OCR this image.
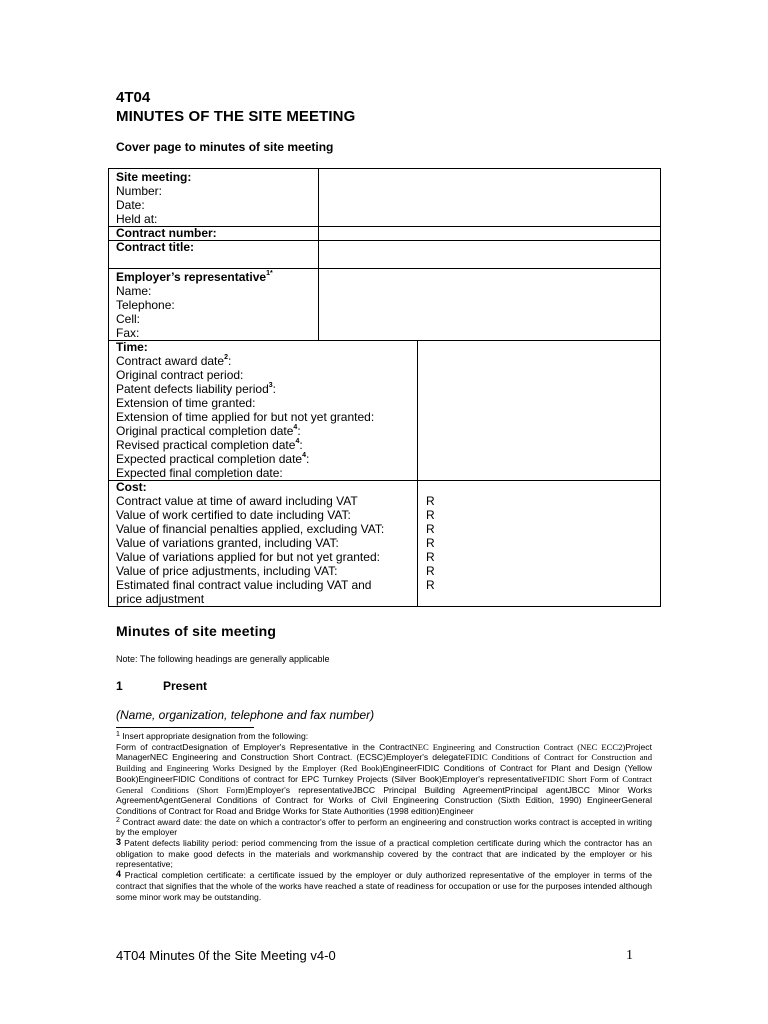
4T04
MINUTES OF THE SITE MEETING
Cover page to minutes of site meeting
Site meeting:
Number:
Date:
Held at:
Contract number:
Contract title:
Employer’s representative$^{1*}$
Name:
Telephone:
Cell:
Fax:
Time:
Contract award date$^2$:
Original contract period:
Patent defects liability period$^3$:
Extension of time granted:
Extension of time applied for but not yet granted:
Original practical completion date$^4$:
Revised practical completion date$^4$:
Expected practical completion date$^4$:
Expected final completion date:
Cost:
Contract value at time of award including VAT
Value of work certified to date including VAT:
Value of financial penalties applied, excluding VAT:
Value of variations granted, including VAT:
Value of variations applied for but not yet granted:
Value of price adjustments, including VAT:
Estimated final contract value including VAT and
price adjustment
R
R
R
R
R
R
R
Minutes of site meeting
Note: The following headings are generally applicable
1	Present
(Name, organization, telephone and fax number)

$^1$ Insert appropriate designation from the following:

Form of contractDesignation of Employer's Representative in the ContractNEC Engineering and Construction Contract (NEC ECC2)Project ManagerNEC Engineering and Construction Short Contract. (ECSC)Employer's delegateFIDIC Conditions of Contract for Construction and Building and Engineering Works Designed by the Employer (Red Book)EngineerFIDIC Conditions of Contract for Plant and Design (Yellow Book)EngineerFIDIC Conditions of contract for EPC Turnkey Projects (Silver Book)Employer's representativeFIDIC Short Form of Contract General Conditions (Short Form)Employer's representativeJBCC Principal Building AgreementPrincipal agentJBCC Minor Works AgreementAgentGeneral Conditions of Contract for Works of Civil Engineering Construction (Sixth Edition, 1990) EngineerGeneral Conditions of Contract for Road and Bridge Works for State Authorities (1998 edition)Engineer

$^2$ Contract award date: the date on which a contractor's offer to perform an engineering and construction works contract is accepted in writing by the employer

3 Patent defects liability period: period commencing from the issue of a practical completion certificate during which the contractor has an obligation to make good defects in the materials and workmanship covered by the contract that are indicated by the employer or his representative;

4 Practical completion certificate: a certificate issued by the employer or duly authorized representative of the employer in terms of the contract that signifies that the whole of the works have reached a state of readiness for occupation or use for the purposes intended although some minor work may be outstanding.

4T04 Minutes 0f the Site Meeting v4-0	1
